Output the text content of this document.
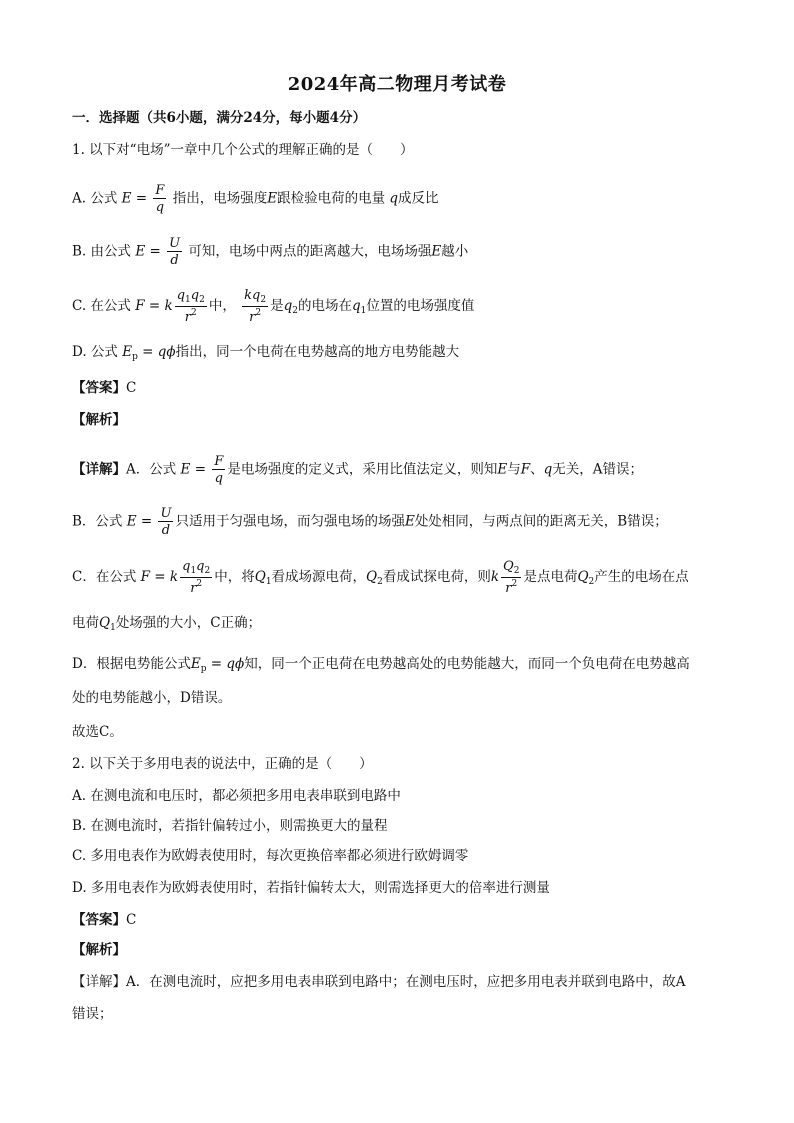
2024年高二物理月考试卷
一．选择题（共6小题，满分24分，每小题4分）
1. 以下对“电场”一章中几个公式的理解正确的是（　　）
A. 公式 $E = \frac{F}{q}$ 指出，电场强度E跟检验电荷的电量 q成反比
B. 由公式 $E = \frac{U}{d}$ 可知，电场中两点的距离越大，电场场强E越小
C. 在公式 F = k $\frac{q_1q_2}{r^2}$ 中， $\frac{kq_2}{r^2}$ 是$q_2$的电场在$q_1$位置的电场强度值
D. 公式 $E_p = q\phi$指出，同一个电荷在电势越高的地方电势能越大
【答案】C
【解析】
【详解】A．公式 $E = \frac{F}{q}$ 是电场强度的定义式，采用比值法定义，则知E与F、q无关，A错误；
B．公式 $E = \frac{U}{d}$ 只适用于匀强电场，而匀强电场的场强E处处相同，与两点间的距离无关，B错误；
C．在公式 F = k $\frac{q_1q_2}{r^2}$ 中，将$Q_1$看成场源电荷，$Q_2$看成试探电荷，则k $\frac{Q_2}{r^2}$ 是点电荷$Q_2$产生的电场在点
电荷$Q_1$处场强的大小，C正确；
D．根据电势能公式$E_p = q\phi$知，同一个正电荷在电势越高处的电势能越大，而同一个负电荷在电势越高
处的电势能越小，D错误。
故选C。
2. 以下关于多用电表的说法中，正确的是（　　）
A. 在测电流和电压时，都必须把多用电表串联到电路中
B. 在测电流时，若指针偏转过小，则需换更大的量程
C. 多用电表作为欧姆表使用时，每次更换倍率都必须进行欧姆调零
D. 多用电表作为欧姆表使用时，若指针偏转太大，则需选择更大的倍率进行测量
【答案】C
【解析】
【详解】A．在测电流时，应把多用电表串联到电路中；在测电压时，应把多用电表并联到电路中，故A
错误；
